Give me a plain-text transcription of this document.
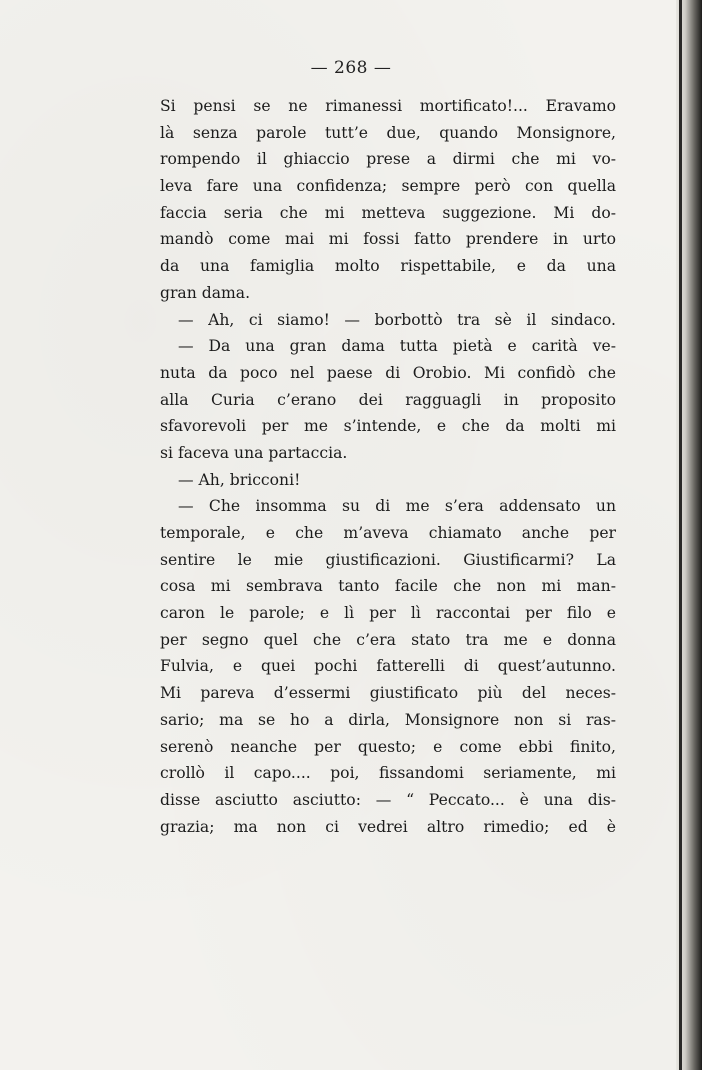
— 268 —
Si pensi se ne rimanessi mortificato!... Eravamo
là senza parole tutt’e due, quando Monsignore,
rompendo il ghiaccio prese a dirmi che mi vo-
leva fare una confidenza; sempre però con quella
faccia seria che mi metteva suggezione. Mi do-
mandò come mai mi fossi fatto prendere in urto
da una famiglia molto rispettabile, e da una
gran dama.
— Ah, ci siamo! — borbottò tra sè il sindaco.
— Da una gran dama tutta pietà e carità ve-
nuta da poco nel paese di Orobio. Mi confidò che
alla Curia c’erano dei ragguagli in proposito
sfavorevoli per me s’intende, e che da molti mi
si faceva una partaccia.
— Ah, bricconi!
— Che insomma su di me s’era addensato un
temporale, e che m’aveva chiamato anche per
sentire le mie giustificazioni. Giustificarmi? La
cosa mi sembrava tanto facile che non mi man-
caron le parole; e lì per lì raccontai per filo e
per segno quel che c’era stato tra me e donna
Fulvia, e quei pochi fatterelli di quest’autunno.
Mi pareva d’essermi giustificato più del neces-
sario; ma se ho a dirla, Monsignore non si ras-
serenò neanche per questo; e come ebbi finito,
crollò il capo.... poi, fissandomi seriamente, mi
disse asciutto asciutto: — “ Peccato... è una dis-
grazia; ma non ci vedrei altro rimedio; ed è
